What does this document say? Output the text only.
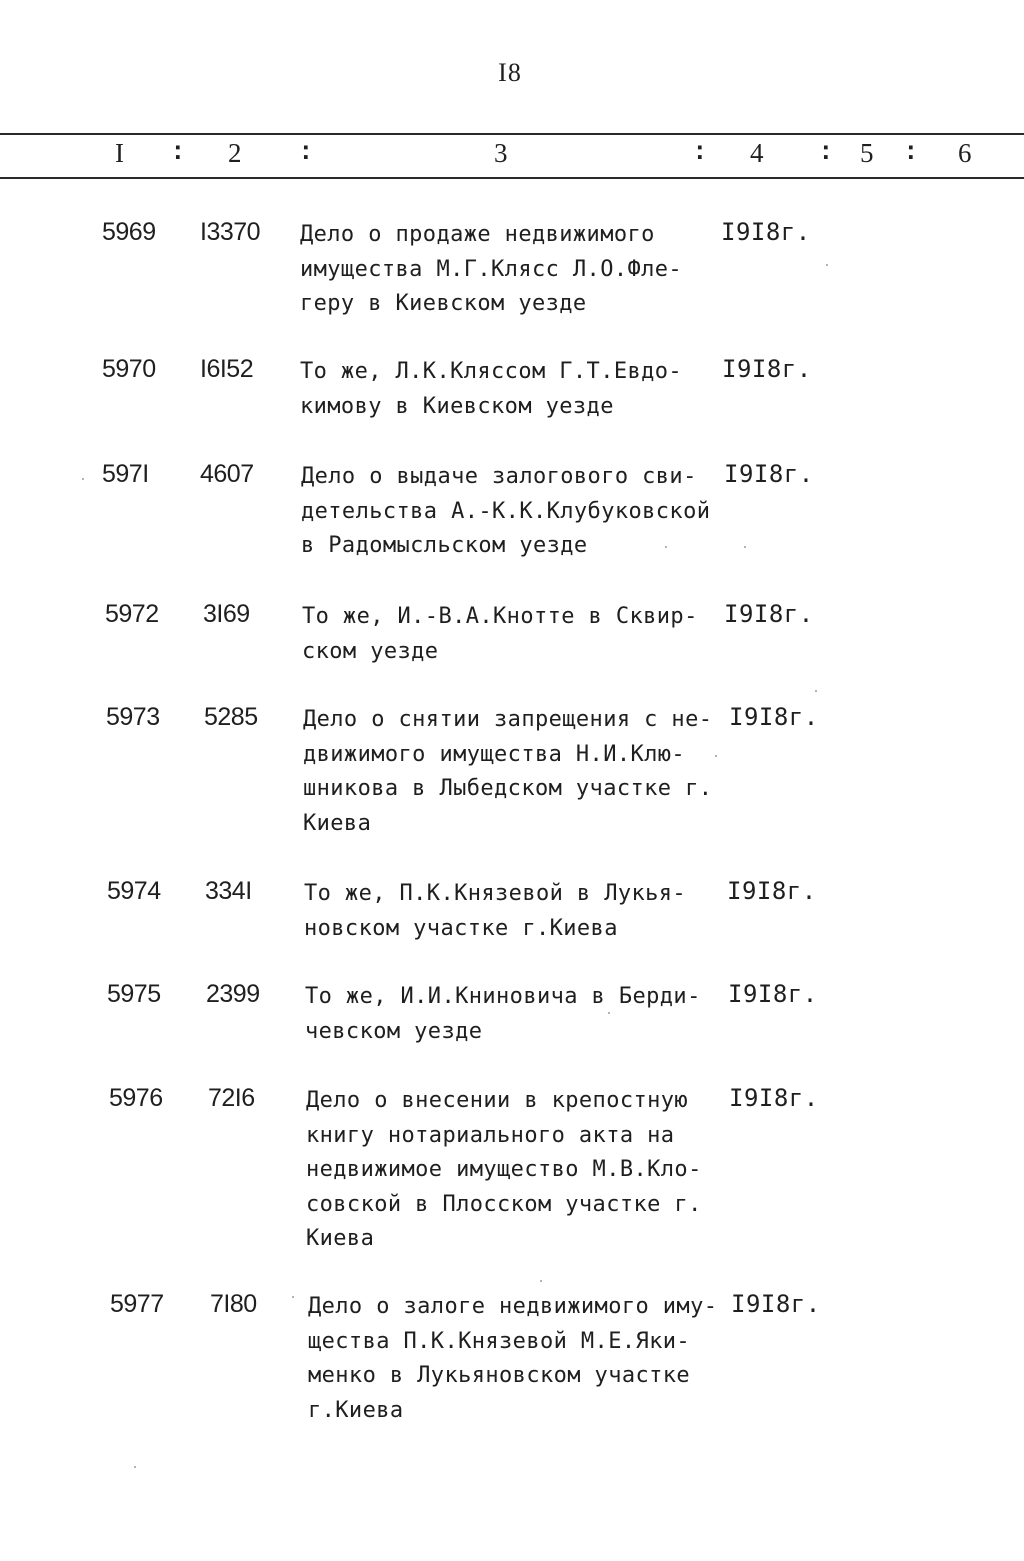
I8
I : 2 :	3	: 4 : 5 : 6
5969 I3370 Дело о продаже недвижимого
имущества М.Г.Кляcc Л.О.Фле-
геру в Киевском уезде
I9I8г.
5970 I6I52 То же, Л.К.Кляссом Г.Т.Евдо-
кимову в Киевском уезде
I9I8г.
597I 4607 Дело о выдаче залогового сви-
детельства А.-К.К.Клубуковской
в Радомысльском уезде
I9I8г.
5972 3I69 То же, И.-В.А.Кнотте в Сквир-
ском уезде
I9I8г.
5973 5285 Дело о снятии запрещения с не-
движимого имущества Н.И.Клю-
шникова в Лыбедском участке г.
Киева
I9I8г.
5974 334I То же, П.К.Князевой в Лукья-
новском участке г.Киева
I9I8г.
5975 2399 То же, И.И.Книновича в Берди-
чевском уезде
I9I8г.
5976 72I6 Дело о внесении в крепостную
книгу нотариального акта на
недвижимое имущество М.В.Кло-
совской в Плосском участке г.
Киева
I9I8г.
5977 7I80 Дело о залоге недвижимого иму-
щества П.К.Князевой М.Е.Яки-
менко в Лукьяновском участке
г.Киева
I9I8г.
